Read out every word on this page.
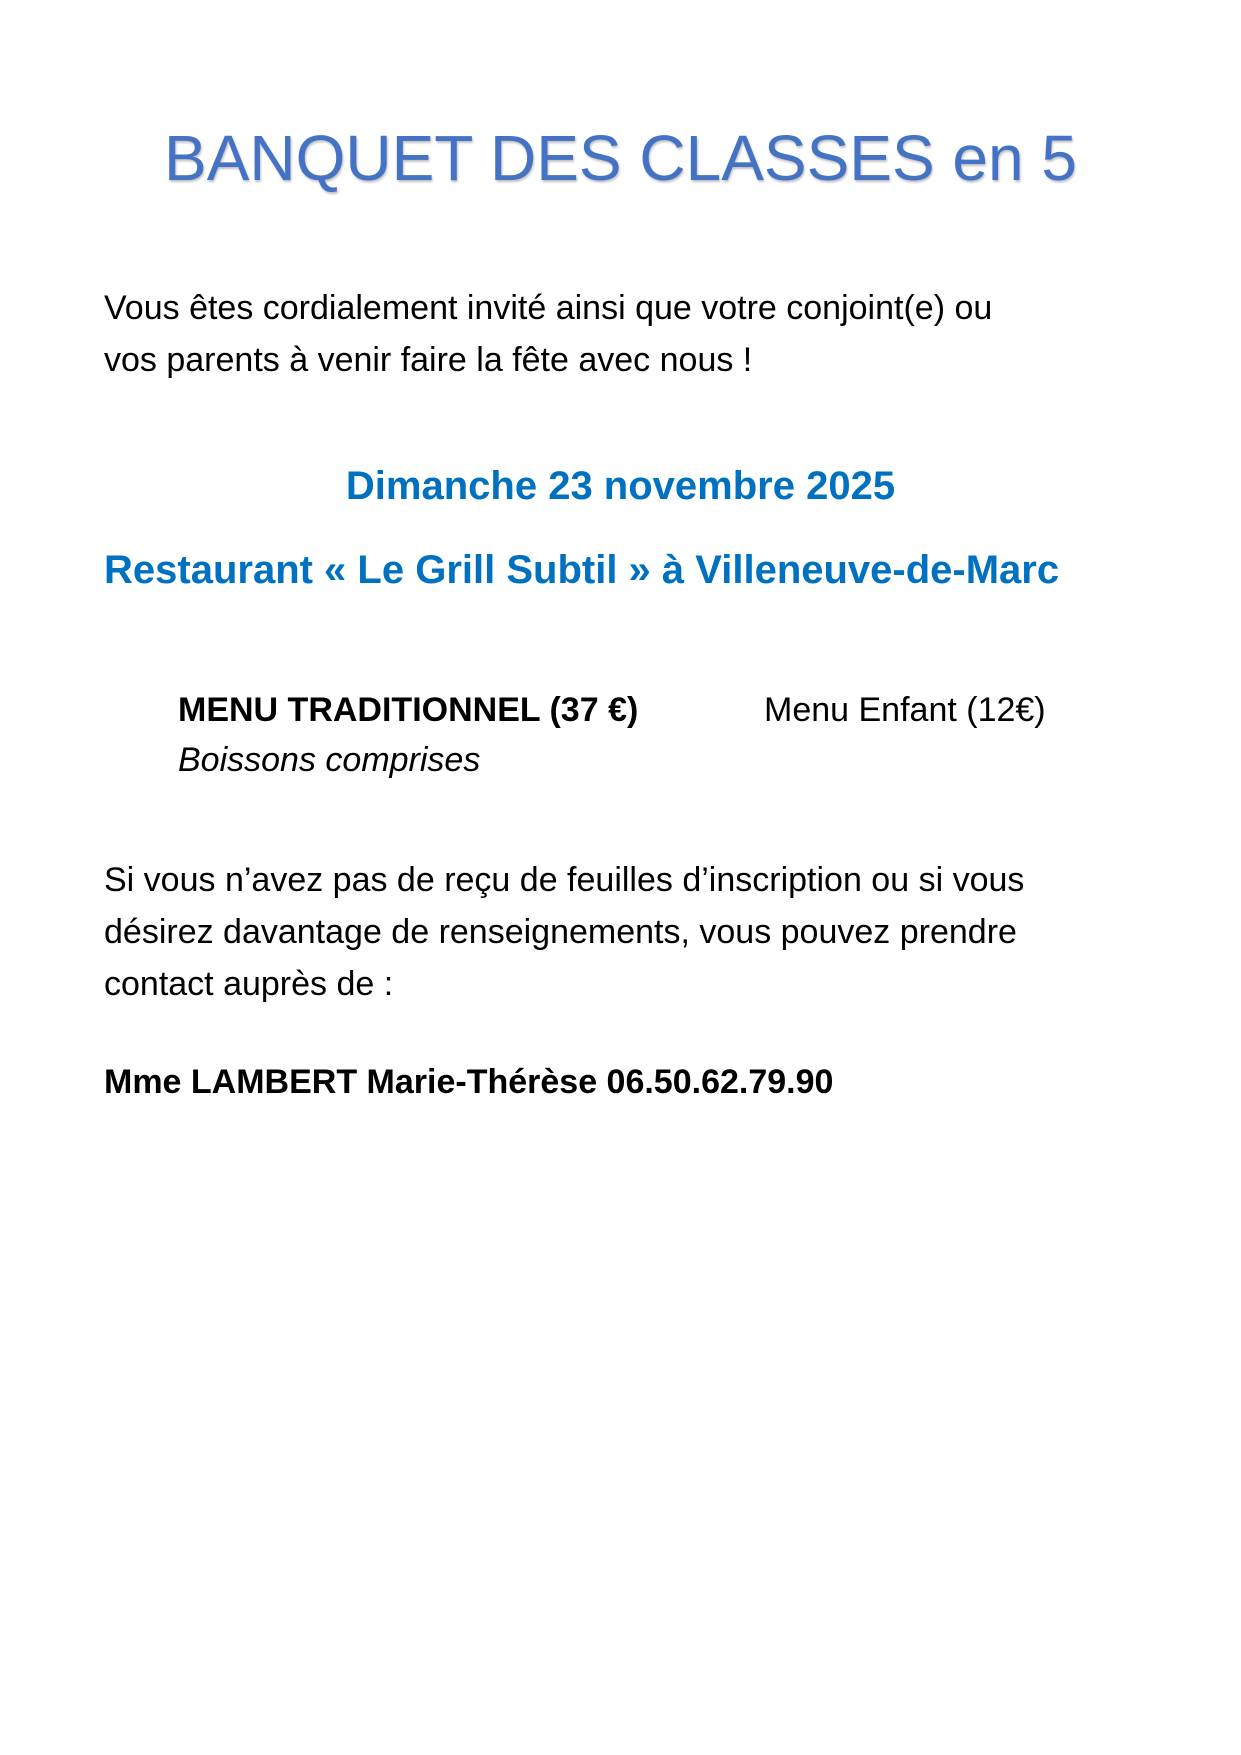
BANQUET DES CLASSES en 5
Vous êtes cordialement invité ainsi que votre conjoint(e) ou
vos parents à venir faire la fête avec nous !
Dimanche 23 novembre 2025
Restaurant « Le Grill Subtil » à Villeneuve-de-Marc
MENU TRADITIONNEL (37 €)	Menu Enfant (12€)
Boissons comprises
Si vous n’avez pas de reçu de feuilles d’inscription ou si vous
désirez davantage de renseignements, vous pouvez prendre
contact auprès de :
Mme LAMBERT Marie-Thérèse 06.50.62.79.90
